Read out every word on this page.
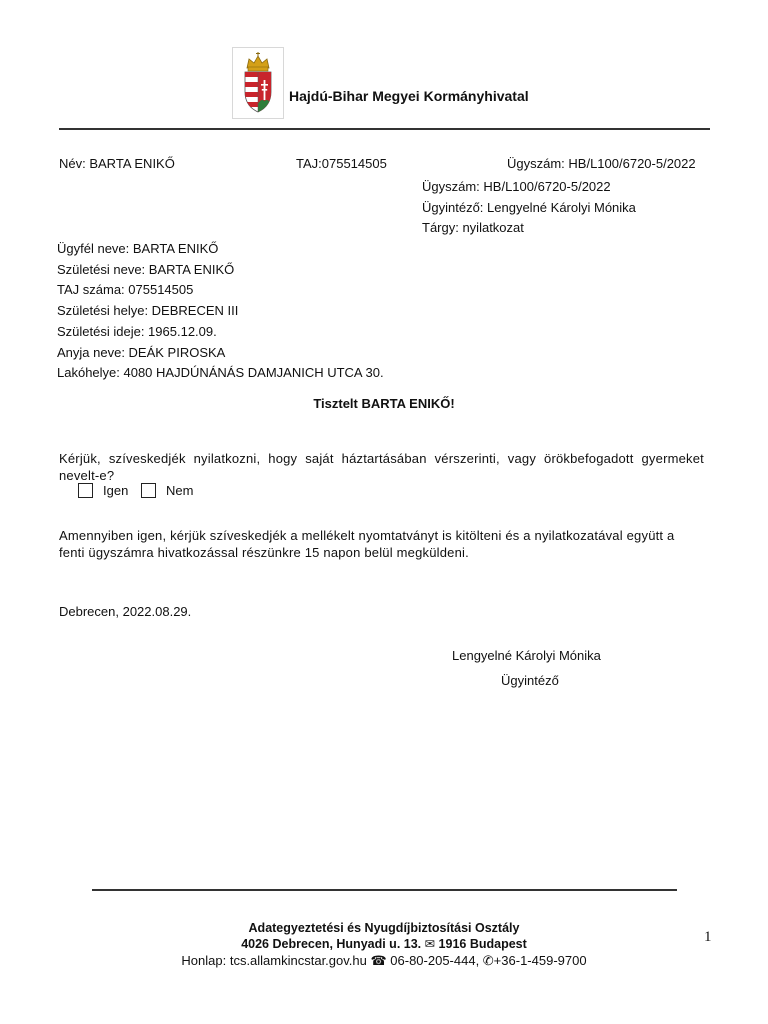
Hajdú-Bihar Megyei Kormányhivatal
Név: BARTA ENIKŐ	TAJ:075514505	Ügyszám: HB/L100/6720-5/2022
Ügyszám: HB/L100/6720-5/2022
Ügyintéző: Lengyelné Károlyi Mónika
Tárgy: nyilatkozat
Ügyfél neve: BARTA ENIKŐ
Születési neve: BARTA ENIKŐ
TAJ száma: 075514505
Születési helye: DEBRECEN III
Születési ideje: 1965.12.09.
Anyja neve: DEÁK PIROSKA
Lakóhelye: 4080 HAJDÚNÁNÁS DAMJANICH UTCA 30.
Tisztelt BARTA ENIKŐ!
Kérjük, szíveskedjék nyilatkozni, hogy saját háztartásában vérszerinti, vagy örökbefogadott gyermeket nevelt-e?
Igen	Nem
Amennyiben igen, kérjük szíveskedjék a mellékelt nyomtatványt is kitölteni és a nyilatkozatával együtt a fenti ügyszámra hivatkozással részünkre 15 napon belül megküldeni.
Debrecen, 2022.08.29.
Lengyelné Károlyi Mónika
Ügyintéző
Adategyeztetési és Nyugdíjbiztosítási Osztály
4026 Debrecen, Hunyadi u. 13. ✉ 1916 Budapest
Honlap: tcs.allamkincstar.gov.hu ☎ 06-80-205-444, ✆+36-1-459-9700
1
